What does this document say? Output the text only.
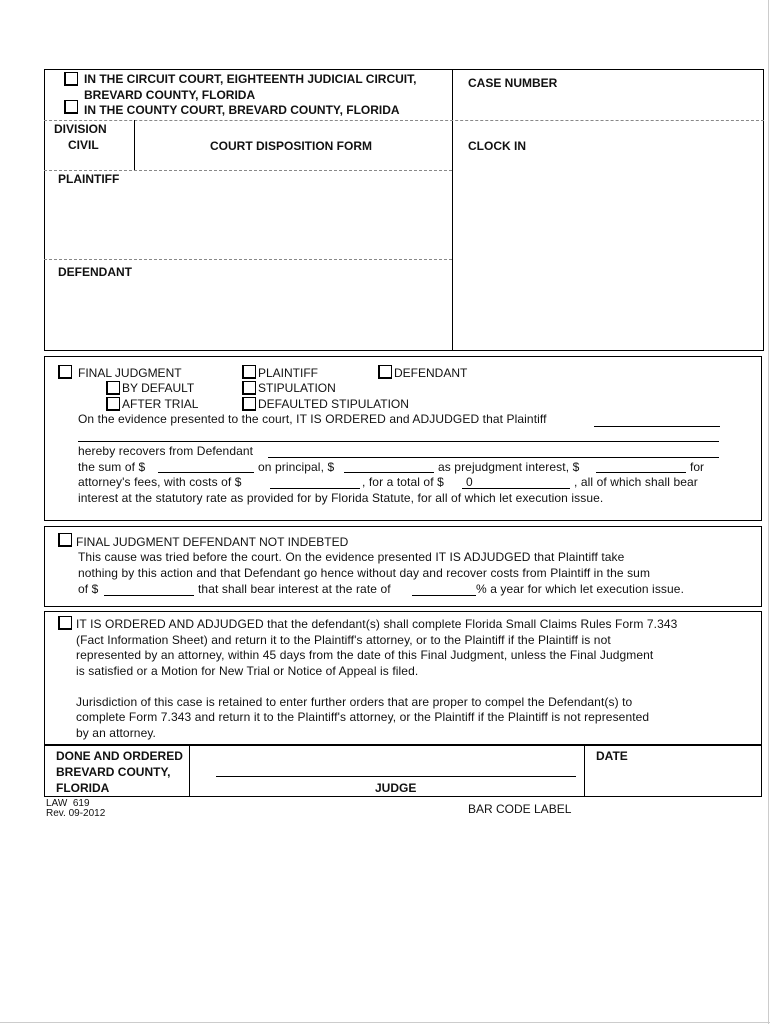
IN THE CIRCUIT COURT, EIGHTEENTH JUDICIAL CIRCUIT,
BREVARD COUNTY, FLORIDA
IN THE COUNTY COURT, BREVARD COUNTY, FLORIDA
CASE NUMBER
DIVISION
CIVIL	COURT DISPOSITION FORM	CLOCK IN
PLAINTIFF
DEFENDANT
FINAL JUDGMENT	PLAINTIFF	DEFENDANT
BY DEFAULT	STIPULATION
AFTER TRIAL	DEFAULTED STIPULATION
On the evidence presented to the court, IT IS ORDERED and ADJUDGED that Plaintiff
hereby recovers from Defendant
the sum of $	on principal, $	as prejudgment interest, $	for
attorney's fees, with costs of $	, for a total of $ 0	, all of which shall bear
interest at the statutory rate as provided for by Florida Statute, for all of which let execution issue.
FINAL JUDGMENT DEFENDANT NOT INDEBTED
This cause was tried before the court. On the evidence presented IT IS ADJUDGED that Plaintiff take
nothing by this action and that Defendant go hence without day and recover costs from Plaintiff in the sum
of $	that shall bear interest at the rate of	% a year for which let execution issue.
IT IS ORDERED AND ADJUDGED that the defendant(s) shall complete Florida Small Claims Rules Form 7.343
(Fact Information Sheet) and return it to the Plaintiff's attorney, or to the Plaintiff if the Plaintiff is not
represented by an attorney, within 45 days from the date of this Final Judgment, unless the Final Judgment
is satisfied or a Motion for New Trial or Notice of Appeal is filed.
Jurisdiction of this case is retained to enter further orders that are proper to compel the Defendant(s) to
complete Form 7.343 and return it to the Plaintiff's attorney, or the Plaintiff if the Plaintiff is not represented
by an attorney.
DONE AND ORDERED
BREVARD COUNTY,
FLORIDA	JUDGE
DATE
LAW  619
Rev. 09-2012	BAR CODE LABEL
